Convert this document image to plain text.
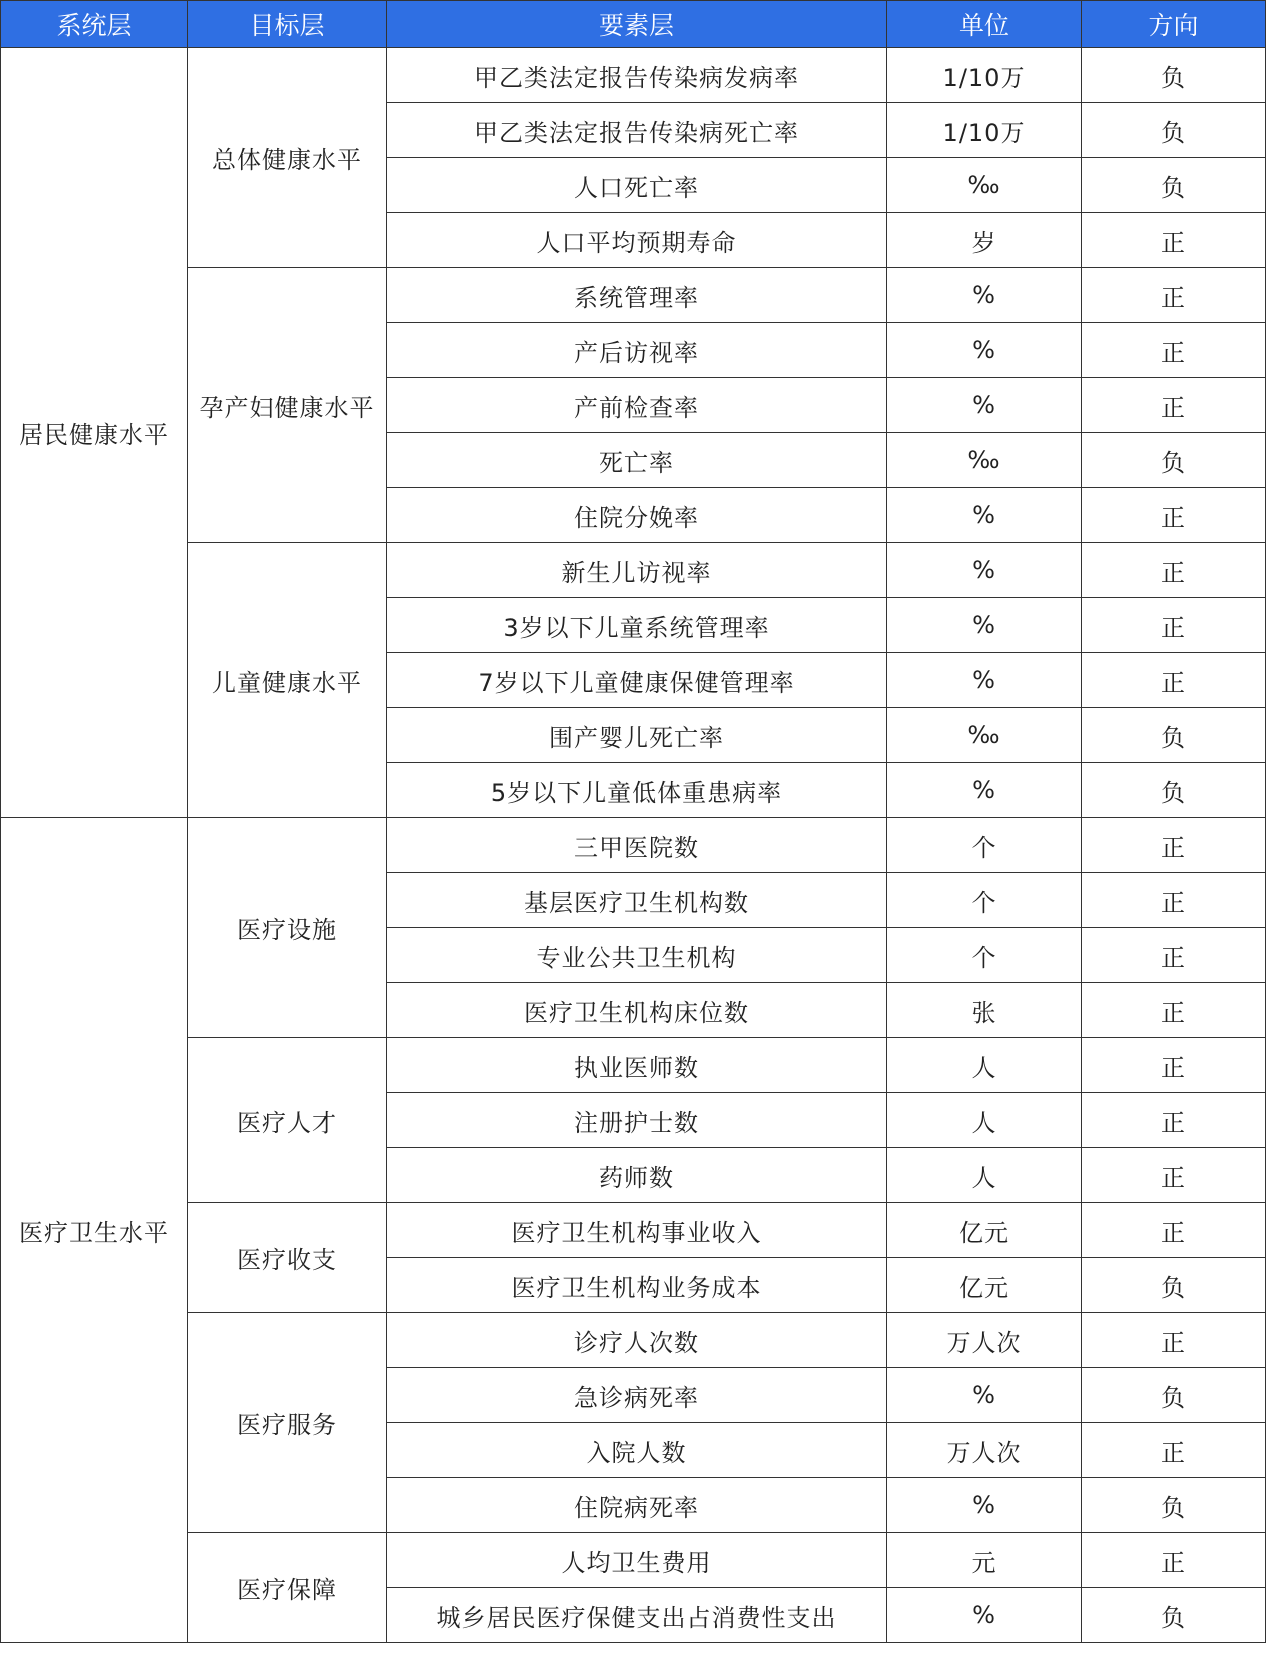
系统层	目标层	要素层	单位	方向
居民健康水平	总体健康水平	甲乙类法定报告传染病发病率	1/10万	负
		甲乙类法定报告传染病死亡率	1/10万	负
		人口死亡率	‰	负
		人口平均预期寿命	岁	正
	孕产妇健康水平	系统管理率	%	正
		产后访视率	%	正
		产前检查率	%	正
		死亡率	‰	负
		住院分娩率	%	正
	儿童健康水平	新生儿访视率	%	正
		3岁以下儿童系统管理率	%	正
		7岁以下儿童健康保健管理率	%	正
		围产婴儿死亡率	‰	负
		5岁以下儿童低体重患病率	%	负
医疗卫生水平	医疗设施	三甲医院数	个	正
		基层医疗卫生机构数	个	正
		专业公共卫生机构	个	正
		医疗卫生机构床位数	张	正
	医疗人才	执业医师数	人	正
		注册护士数	人	正
		药师数	人	正
	医疗收支	医疗卫生机构事业收入	亿元	正
		医疗卫生机构业务成本	亿元	负
	医疗服务	诊疗人次数	万人次	正
		急诊病死率	%	负
		入院人数	万人次	正
		住院病死率	%	负
	医疗保障	人均卫生费用	元	正
		城乡居民医疗保健支出占消费性支出	%	负
